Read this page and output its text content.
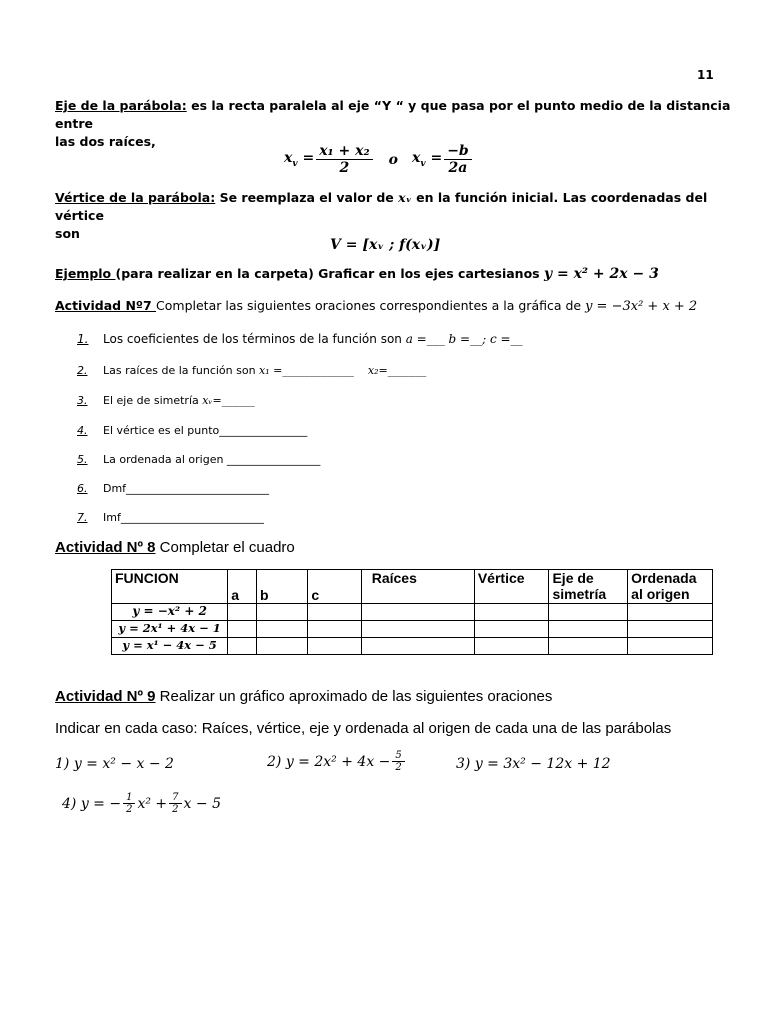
11
Eje de la parábola: es la recta paralela al eje “Y “ y que pasa por el punto medio de la distancia entre
las dos raíces,
$x_v = \frac{\text{x₁ + x₂}}{2}$ o $x_v = \frac{-b}{2a}$
Vértice de la parábola: Se reemplaza el valor de xᵥ en la función inicial. Las coordenadas del vértice
son
V = [xᵥ ; f(xᵥ)]
Ejemplo (para realizar en la carpeta) Graficar en los ejes cartesianos y = x² + 2x − 3
Actividad Nº7 Completar las siguientes oraciones correspondientes a la gráfica de y = −3x² + x + 2
1. Los coeficientes de los términos de la función son a =___ b =__; c =__
2. Las raíces de la función son x₁ =_____________ x₂=_______
3. El eje de simetría xᵥ=______
4. El vértice es el punto________________
5. La ordenada al origen _________________
6. Dmf__________________________
7. Imf__________________________
Actividad Nº 8 Completar el cuadro
FUNCION	a	b	c	Raíces	Vértice	Eje de
simetría	Ordenada
al origen
y = −x² + 2							
y = 2x¹ + 4x − 1							
y = x¹ − 4x − 5							
Actividad Nº 9 Realizar un gráfico aproximado de las siguientes oraciones
Indicar en cada caso: Raíces, vértice, eje y ordenada al origen de cada una de las parábolas
1) y = x² − x − 2	2) $y = 2x^2 + 4x - \frac{5}{2}$	3) y = 3x² − 12x + 12
4) y = − $\frac{1}{2} x^2 + \frac{7}{2}$ x − 5
